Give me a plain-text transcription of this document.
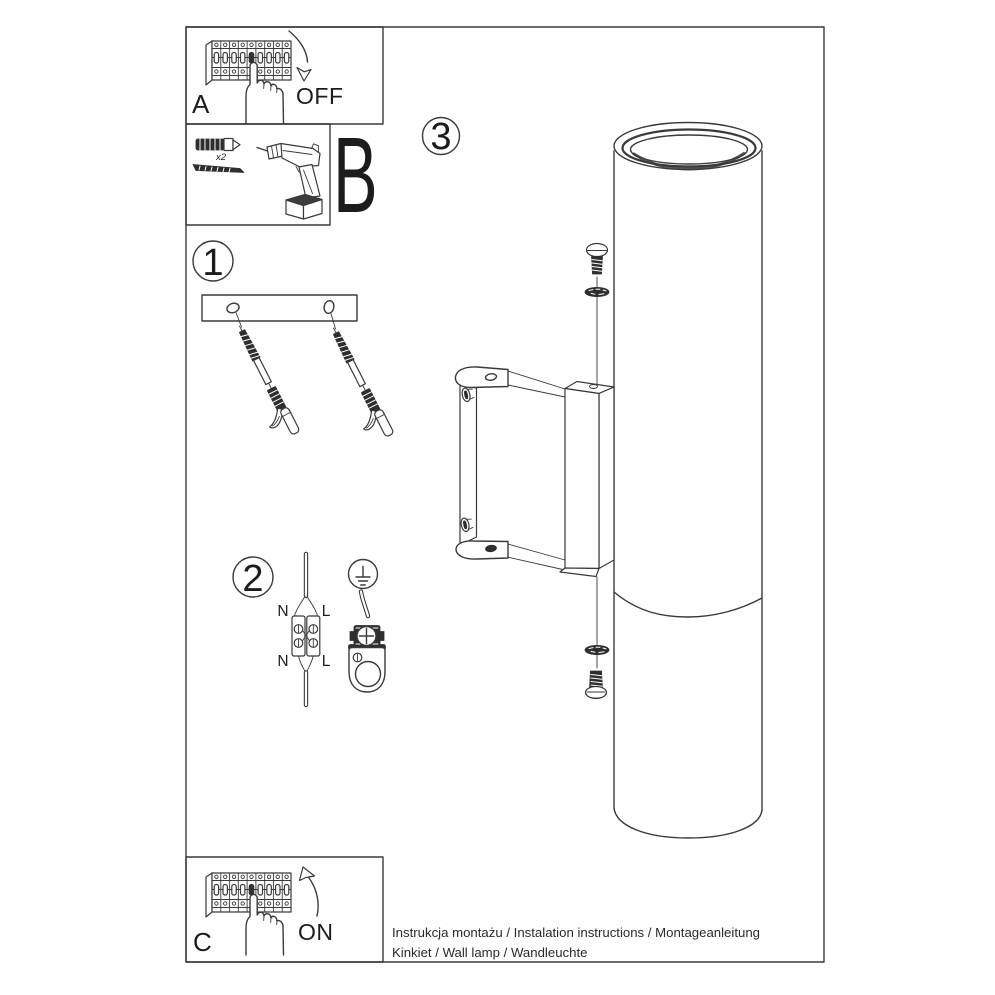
A	OFF
x2 B
1
2
N L
N L
3
C	ON	Instrukcja montażu / Instalation instructions / Montageanleitung
Kinkiet / Wall lamp / Wandleuchte
